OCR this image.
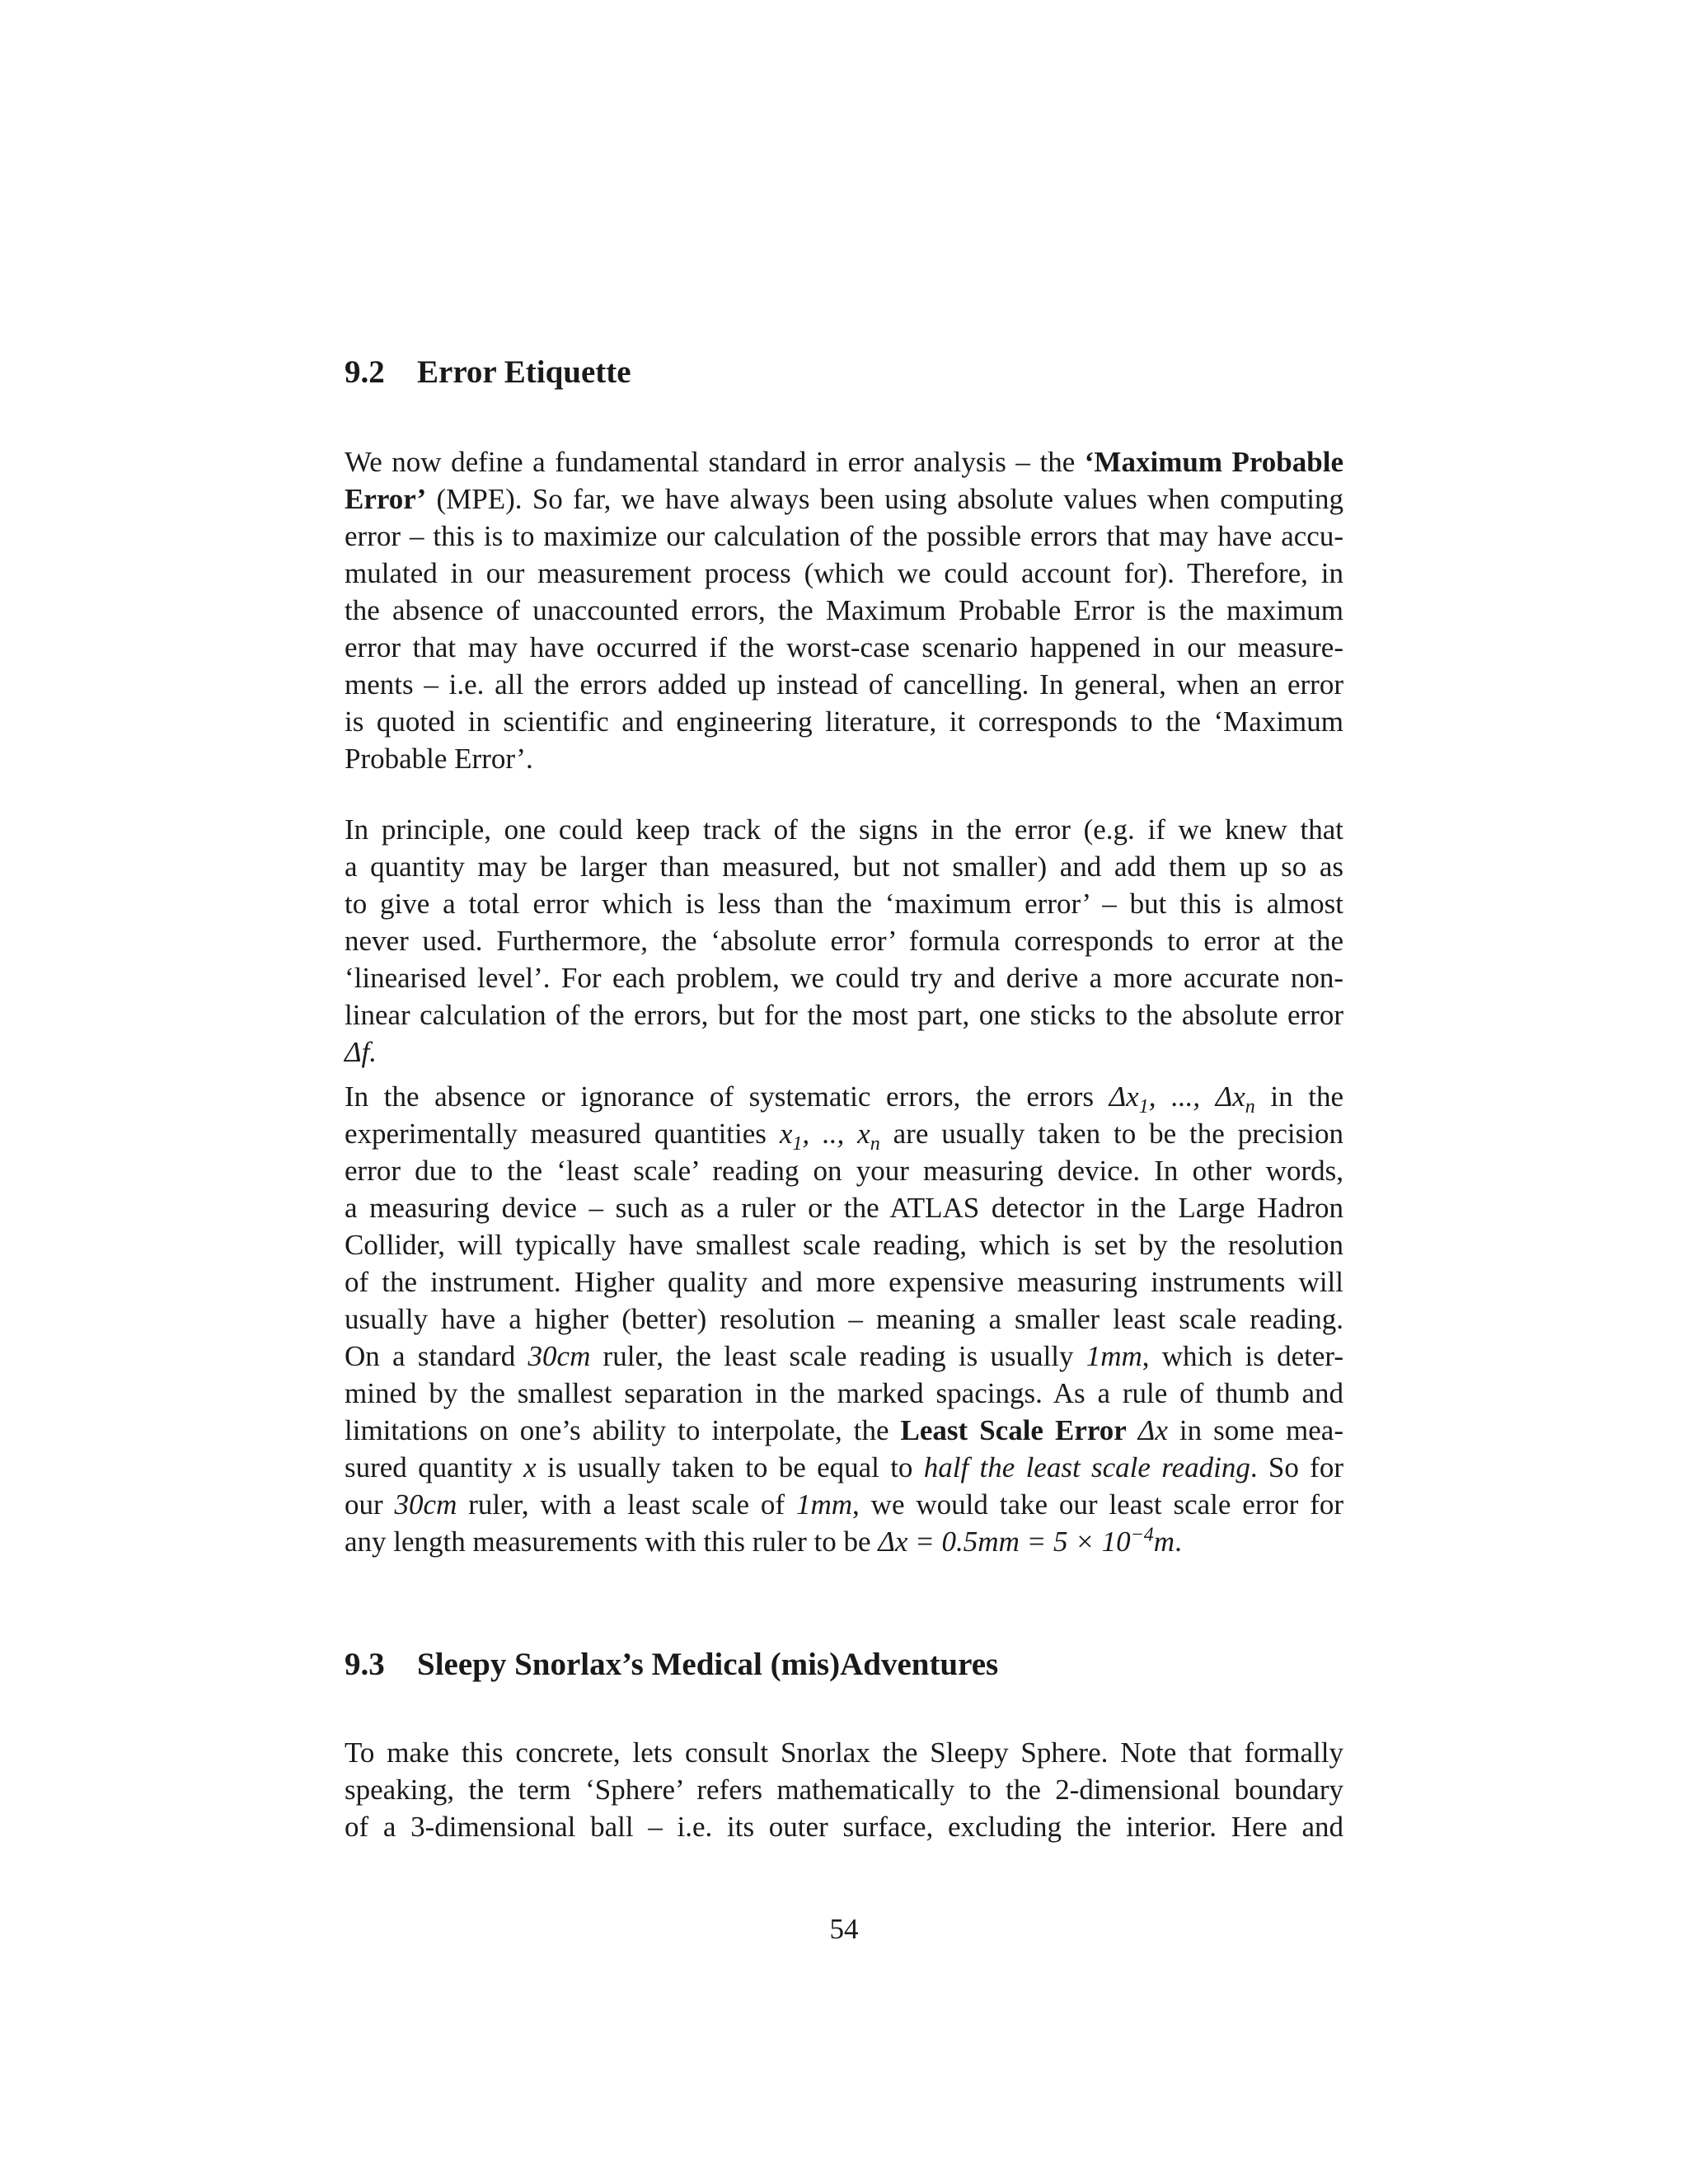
9.2 Error Etiquette
We now define a fundamental standard in error analysis – the ‘Maximum Probable
Error’ (MPE). So far, we have always been using absolute values when computing
error – this is to maximize our calculation of the possible errors that may have accu-
mulated in our measurement process (which we could account for). Therefore, in
the absence of unaccounted errors, the Maximum Probable Error is the maximum
error that may have occurred if the worst-case scenario happened in our measure-
ments – i.e. all the errors added up instead of cancelling. In general, when an error
is quoted in scientific and engineering literature, it corresponds to the ‘Maximum
Probable Error’.
In principle, one could keep track of the signs in the error (e.g. if we knew that
a quantity may be larger than measured, but not smaller) and add them up so as
to give a total error which is less than the ‘maximum error’ – but this is almost
never used. Furthermore, the ‘absolute error’ formula corresponds to error at the
‘linearised level’. For each problem, we could try and derive a more accurate non-
linear calculation of the errors, but for the most part, one sticks to the absolute error
Δf.
In the absence or ignorance of systematic errors, the errors $\Delta x_1$, ..., $\Delta x_n$ in the
experimentally measured quantities $x_1$, .., $x_n$ are usually taken to be the precision
error due to the ‘least scale’ reading on your measuring device. In other words,
a measuring device – such as a ruler or the ATLAS detector in the Large Hadron
Collider, will typically have smallest scale reading, which is set by the resolution
of the instrument. Higher quality and more expensive measuring instruments will
usually have a higher (better) resolution – meaning a smaller least scale reading.
On a standard 30cm ruler, the least scale reading is usually 1mm, which is deter-
mined by the smallest separation in the marked spacings. As a rule of thumb and
limitations on one’s ability to interpolate, the Least Scale Error Δx in some mea-
sured quantity x is usually taken to be equal to half the least scale reading. So for
our 30cm ruler, with a least scale of 1mm, we would take our least scale error for
any length measurements with this ruler to be $\Delta x = 0.5mm = 5 \times 10^{-4}m$.
9.3 Sleepy Snorlax’s Medical (mis)Adventures
To make this concrete, lets consult Snorlax the Sleepy Sphere. Note that formally
speaking, the term ‘Sphere’ refers mathematically to the 2-dimensional boundary
of a 3-dimensional ball – i.e. its outer surface, excluding the interior. Here and
54
